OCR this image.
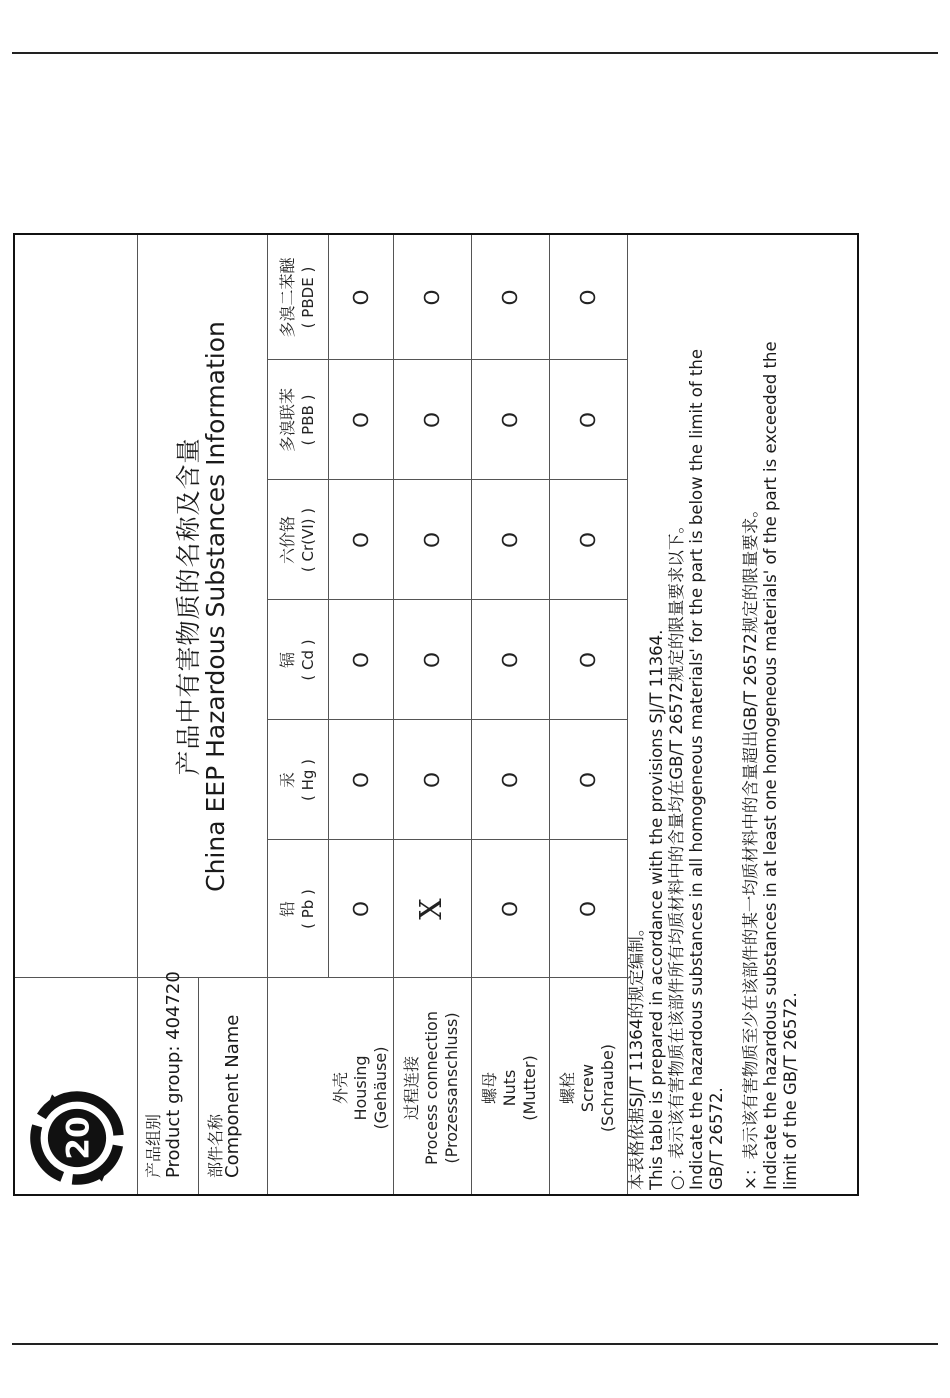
20	产品组别 Product group: 404720 部件名称
Component Name
产品中有害物质的名称及含量
China EEP Hazardous Substances Information
铅 ( Pb )
汞 ( Hg )
镉 ( Cd )
六价铬 ( Cr(VI) )
多溴联苯 ( PBB )
多溴二苯醚 ( PBDE )
外壳 Housing (Gehäuse) 过程连接 Process connection (Prozessanschluss) 螺母 Nuts (Mutter) 螺栓 Screw (Schraube)
O
O
O
O
O
O
X
O
O
O
O
O
O
O
O
O
O
O
O
O
O
O
O
O
本表格依据SJ/T 11364的规定编制。 This table is prepared in accordance with the provisions SJ/T 11364. ○：表示该有害物质在该部件所有均质材料中的含量均在GB/T 26572规定的限量要求以下。 Indicate the hazardous substances in all homogeneous materials' for the part is below the limit of the GB/T 26572. ×：表示该有害物质至少在该部件的某一均质材料中的含量超出GB/T 26572规定的限量要求。 Indicate the hazardous substances in at least one homogeneous materials' of the part is exceeded the limit of the GB/T 26572.
